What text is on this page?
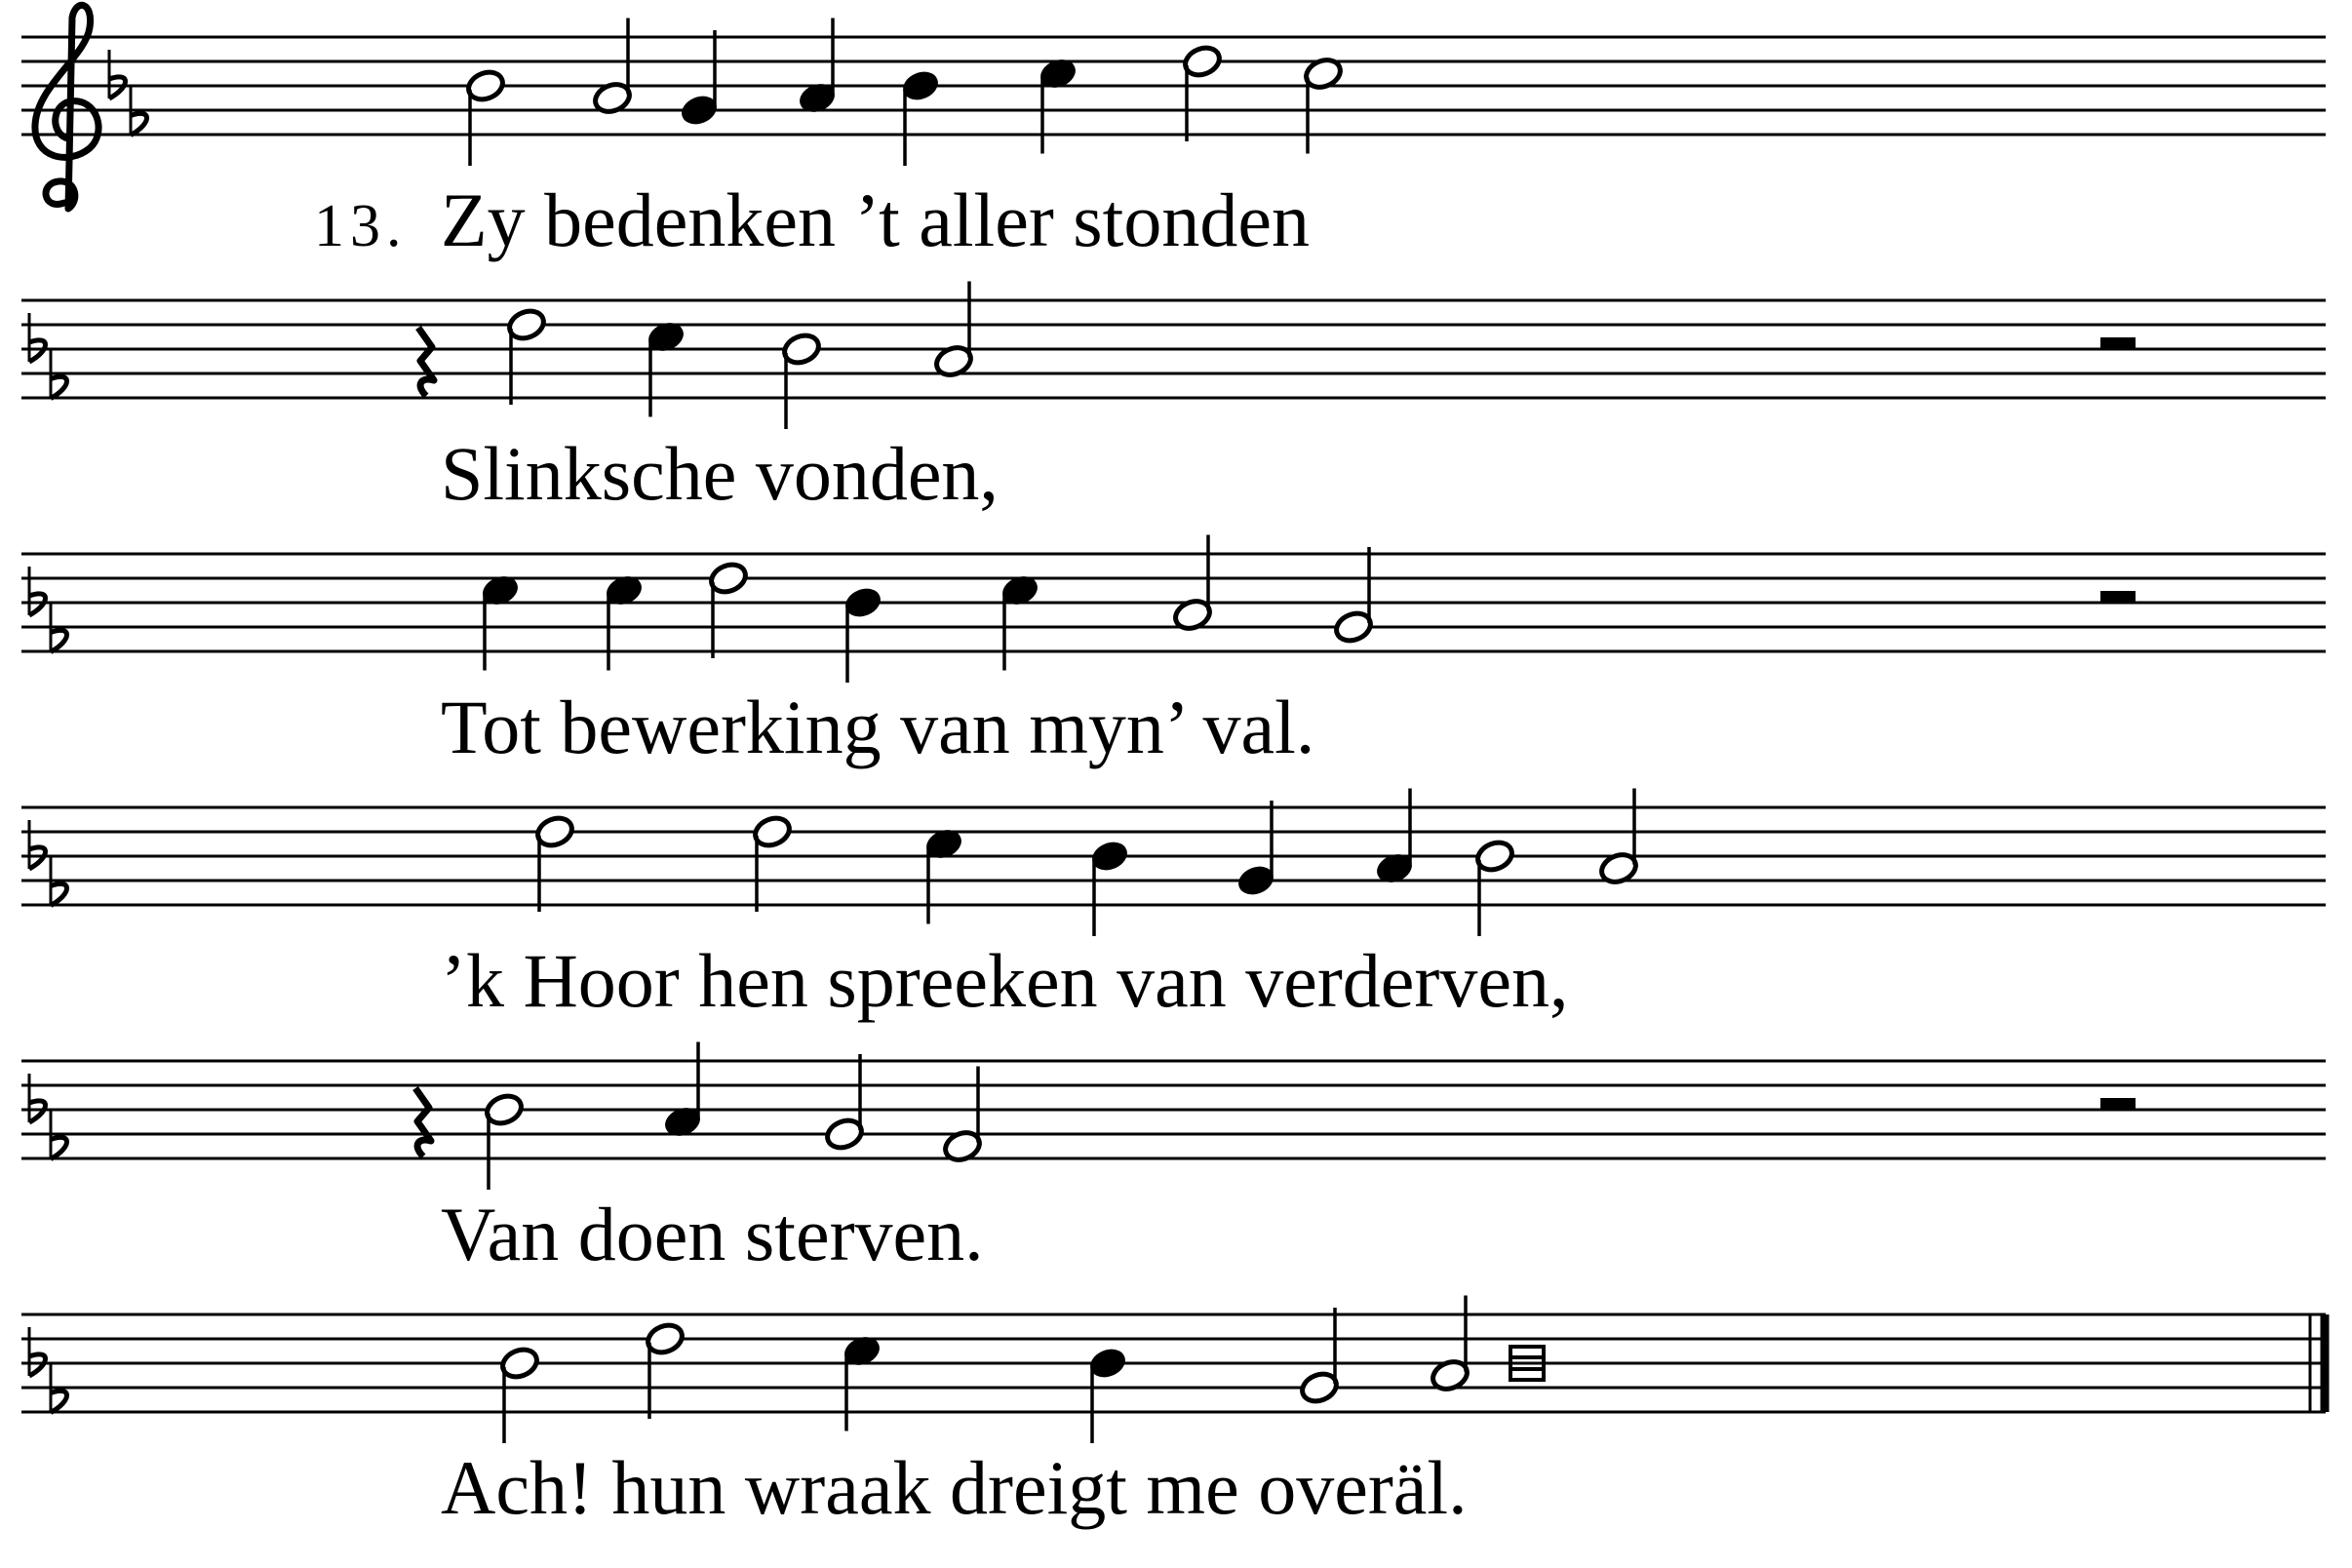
13. Zy bedenken ’t aller stonden
Slinksche vonden,
Tot bewerking van myn’ val.
’k Hoor hen spreeken van verderven,
Van doen sterven.
Ach! hun wraak dreigt me overäl.
